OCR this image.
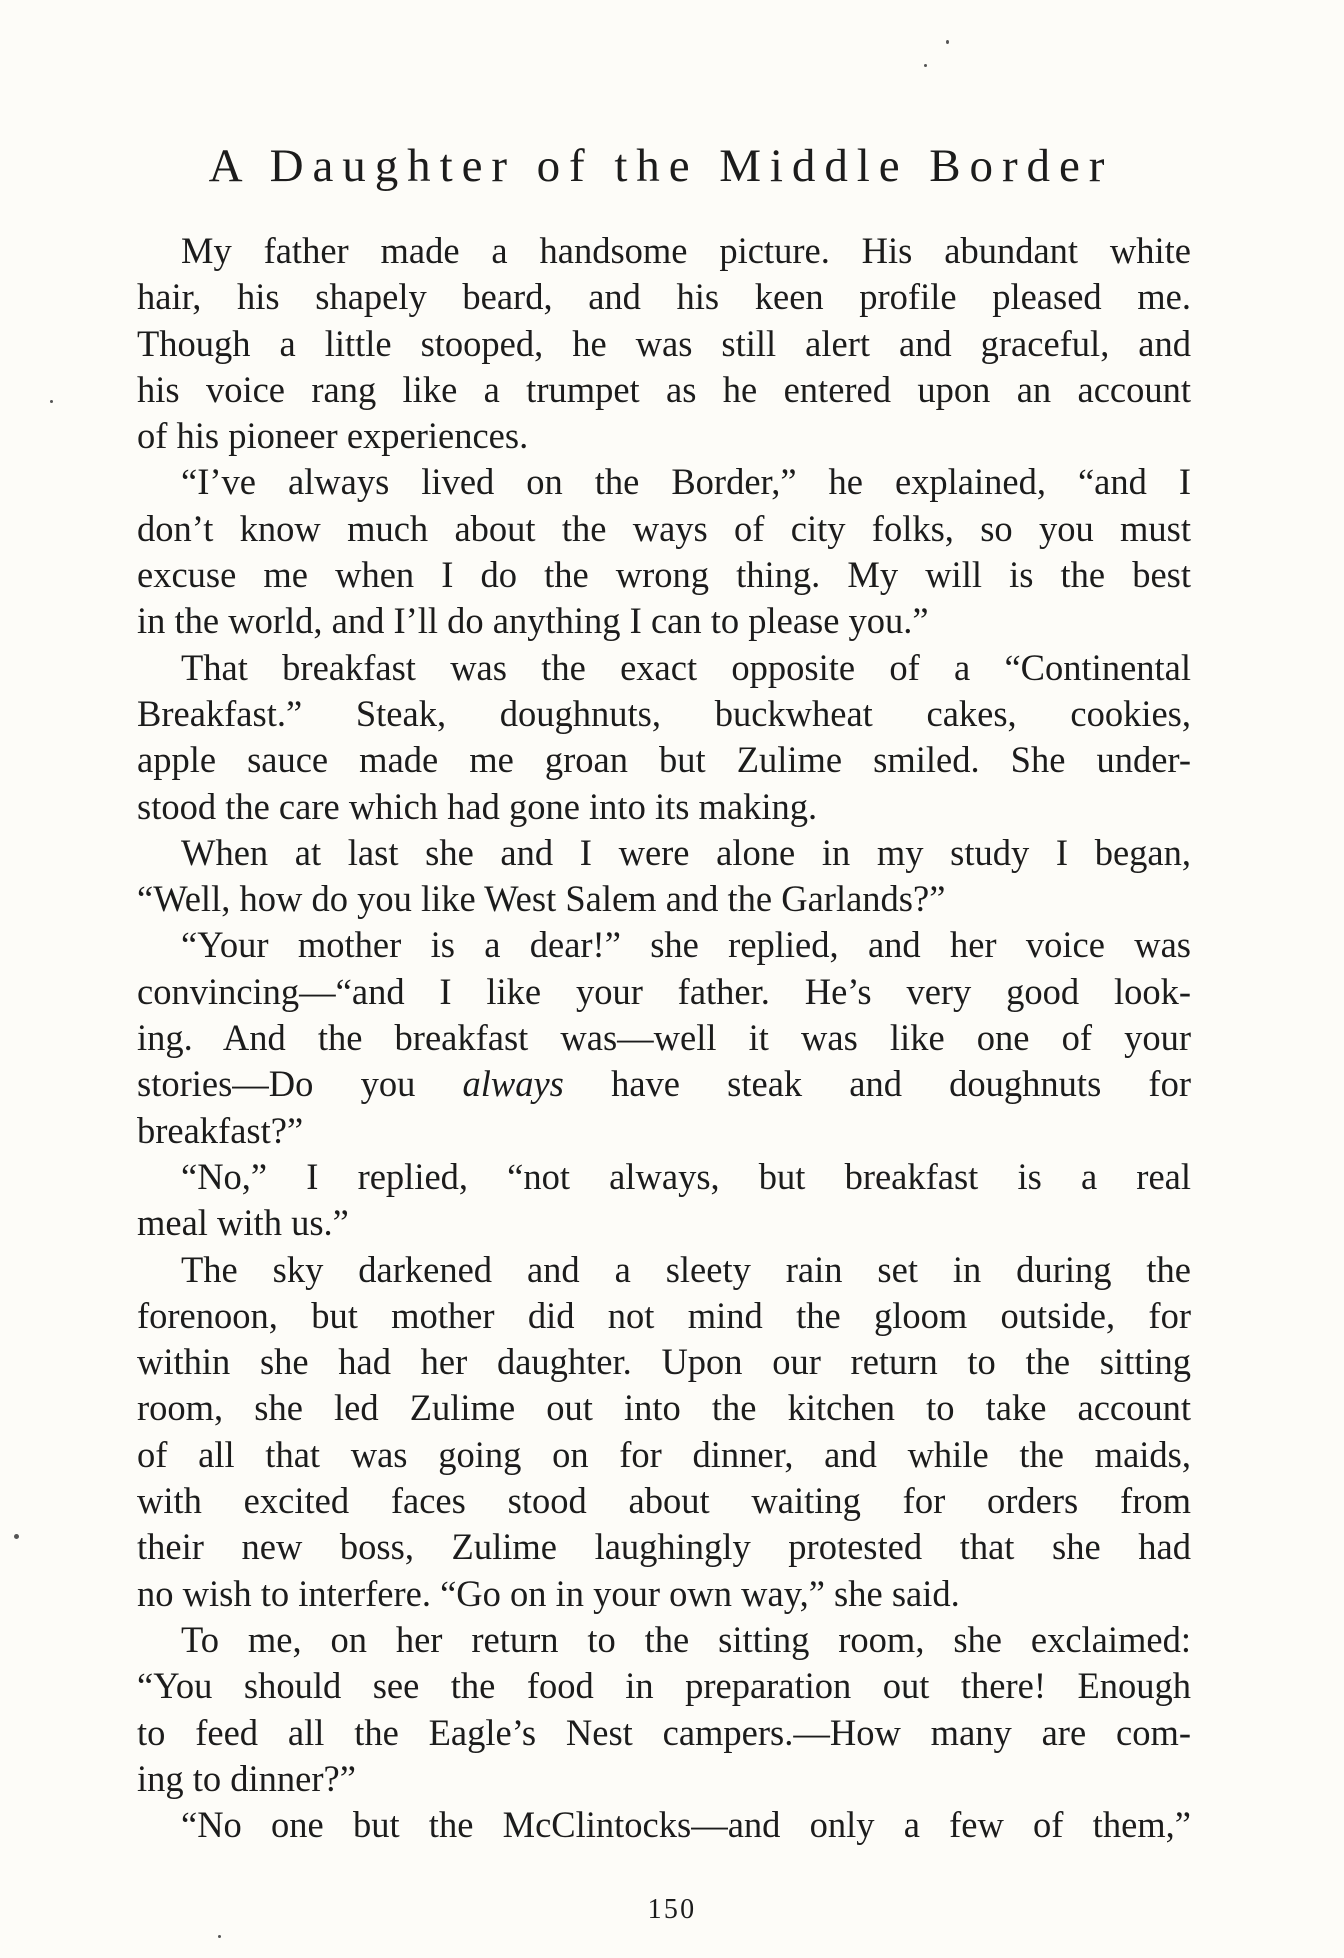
A Daughter of the Middle Border
My father made a handsome picture. His abundant white
hair, his shapely beard, and his keen profile pleased me.
Though a little stooped, he was still alert and graceful, and
his voice rang like a trumpet as he entered upon an account
of his pioneer experiences.
“I’ve always lived on the Border,” he explained, “and I
don’t know much about the ways of city folks, so you must
excuse me when I do the wrong thing. My will is the best
in the world, and I’ll do anything I can to please you.”
That breakfast was the exact opposite of a “Continental
Breakfast.” Steak, doughnuts, buckwheat cakes, cookies,
apple sauce made me groan but Zulime smiled. She under-
stood the care which had gone into its making.
When at last she and I were alone in my study I began,
“Well, how do you like West Salem and the Garlands?”
“Your mother is a dear!” she replied, and her voice was
convincing—“and I like your father. He’s very good look-
ing. And the breakfast was—well it was like one of your
stories—Do you always have steak and doughnuts for
breakfast?”
“No,” I replied, “not always, but breakfast is a real
meal with us.”
The sky darkened and a sleety rain set in during the
forenoon, but mother did not mind the gloom outside, for
within she had her daughter. Upon our return to the sitting
room, she led Zulime out into the kitchen to take account
of all that was going on for dinner, and while the maids,
with excited faces stood about waiting for orders from
their new boss, Zulime laughingly protested that she had
no wish to interfere. “Go on in your own way,” she said.
To me, on her return to the sitting room, she exclaimed:
“You should see the food in preparation out there! Enough
to feed all the Eagle’s Nest campers.—How many are com-
ing to dinner?”
“No one but the McClintocks—and only a few of them,”
150
